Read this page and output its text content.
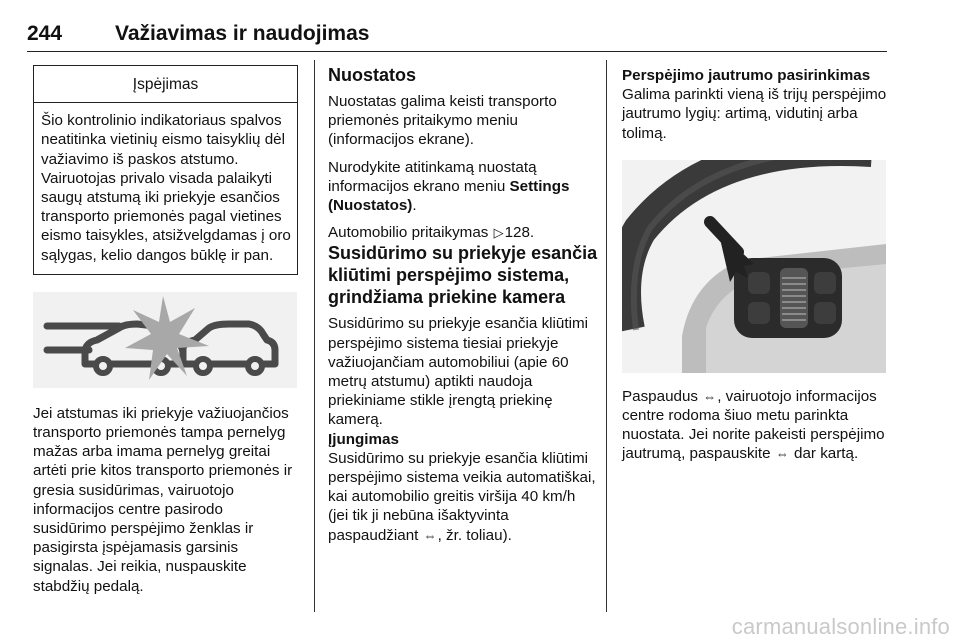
244	Važiavimas ir naudojimas
Įspėjimas
Šio kontrolinio indikatoriaus spalvos neatitinka vietinių eismo taisyklių dėl važiavimo iš paskos atstumo. Vairuotojas privalo visada palaikyti saugų atstumą iki priekyje esančios transporto priemonės pagal vietines eismo taisykles, atsižvelgdamas į oro sąlygas, kelio dangos būklę ir pan.

Jei atstumas iki priekyje važiuojančios transporto priemonės tampa pernelyg mažas arba imama pernelyg greitai artėti prie kitos transporto priemonės ir gresia susidūrimas, vairuotojo informacijos centre pasirodo susidūrimo perspėjimo ženklas ir pasigirsta įspėjamasis garsinis signalas. Jei reikia, nuspauskite stabdžių pedalą.

Nuostatos

Nuostatas galima keisti transporto priemonės pritaikymo meniu (informacijos ekrane).

Nurodykite atitinkamą nuostatą informacijos ekrano meniu Settings (Nuostatos).

Automobilio pritaikymas ▷128.

Susidūrimo su priekyje esančia kliūtimi perspėjimo sistema, grindžiama priekine kamera

Susidūrimo su priekyje esančia kliūtimi perspėjimo sistema tiesiai priekyje važiuojančiam automobiliui (apie 60 metrų atstumu) aptikti naudoja priekiniame stikle įrengtą priekinę kamerą.

Įjungimas

Susidūrimo su priekyje esančia kliūtimi perspėjimo sistema veikia automatiškai, kai automobilio greitis viršija 40 km/h (jei tik ji nebūna išaktyvinta paspaudžiant ⇔, žr. toliau).

Perspėjimo jautrumo pasirinkimas

Galima parinkti vieną iš trijų perspėjimo jautrumo lygių: artimą, vidutinį arba tolimą.

Paspaudus ⇔, vairuotojo informacijos centre rodoma šiuo metu parinkta nuostata. Jei norite pakeisti perspėjimo jautrumą, paspauskite ⇔ dar kartą.

carmanualsonline.info
